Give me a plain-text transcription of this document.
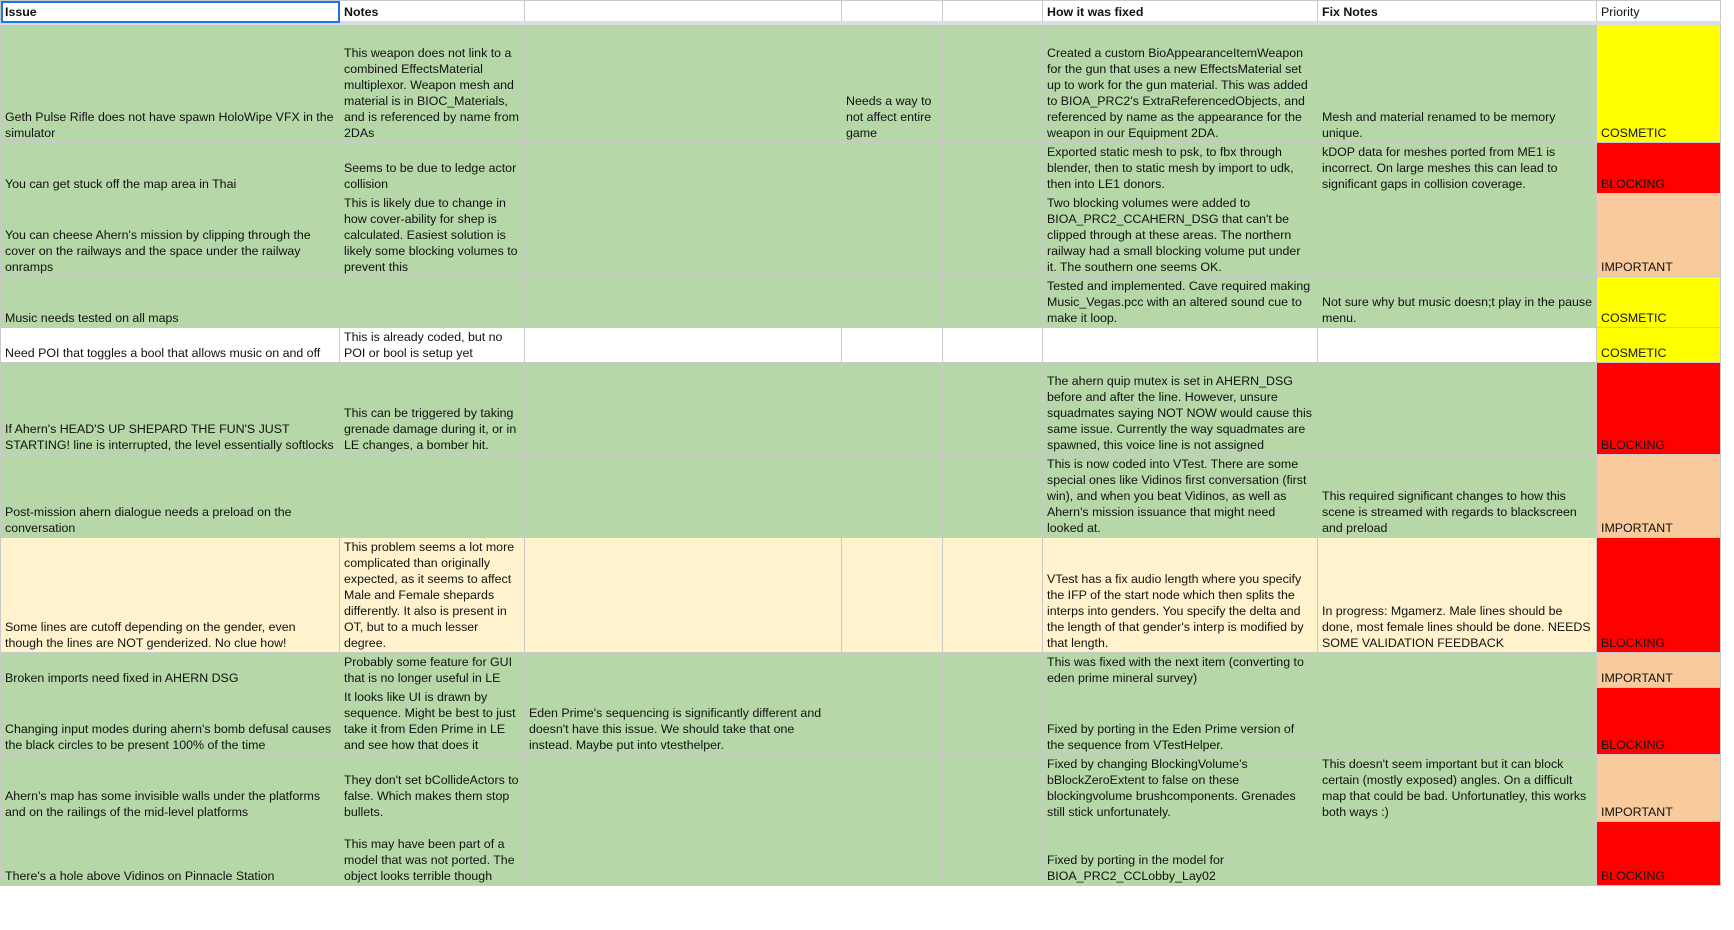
Issue	Notes				How it was fixed	Fix Notes	Priority
Geth Pulse Rifle does not have spawn HoloWipe VFX in the simulator	This weapon does not link to a combined EffectsMaterial multiplexor. Weapon mesh and material is in BIOC_Materials, and is referenced by name from 2DAs		Needs a way to not affect entire game		Created a custom BioAppearanceItemWeapon for the gun that uses a new EffectsMaterial set up to work for the gun material. This was added to BIOA_PRC2's ExtraReferencedObjects, and referenced by name as the appearance for the weapon in our Equipment 2DA.	Mesh and material renamed to be memory unique.	COSMETIC
You can get stuck off the map area in Thai	Seems to be due to ledge actor collision				Exported static mesh to psk, to fbx through blender, then to static mesh by import to udk, then into LE1 donors.	kDOP data for meshes ported from ME1 is incorrect. On large meshes this can lead to significant gaps in collision coverage.	BLOCKING
You can cheese Ahern's mission by clipping through the cover on the railways and the space under the railway onramps	This is likely due to change in how cover-ability for shep is calculated. Easiest solution is likely some blocking volumes to prevent this				Two blocking volumes were added to BIOA_PRC2_CCAHERN_DSG that can't be clipped through at these areas. The northern railway had a small blocking volume put under it. The southern one seems OK.		IMPORTANT
Music needs tested on all maps					Tested and implemented. Cave required making Music_Vegas.pcc with an altered sound cue to make it loop.	Not sure why but music doesn;t play in the pause menu.	COSMETIC
Need POI that toggles a bool that allows music on and off	This is already coded, but no POI or bool is setup yet						COSMETIC
If Ahern's HEAD'S UP SHEPARD THE FUN'S JUST STARTING! line is interrupted, the level essentially softlocks	This can be triggered by taking grenade damage during it, or in LE changes, a bomber hit.				The ahern quip mutex is set in AHERN_DSG before and after the line. However, unsure squadmates saying NOT NOW would cause this same issue. Currently the way squadmates are spawned, this voice line is not assigned		BLOCKING
Post-mission ahern dialogue needs a preload on the conversation					This is now coded into VTest. There are some special ones like Vidinos first conversation (first win), and when you beat Vidinos, as well as Ahern's mission issuance that might need looked at.	This required significant changes to how this scene is streamed with regards to blackscreen and preload	IMPORTANT
Some lines are cutoff depending on the gender, even though the lines are NOT genderized. No clue how!	This problem seems a lot more complicated than originally expected, as it seems to affect Male and Female shepards differently. It also is present in OT, but to a much lesser degree.				VTest has a fix audio length where you specify the IFP of the start node which then splits the interps into genders. You specify the delta and the length of that gender's interp is modified by that length.	In progress: Mgamerz. Male lines should be done, most female lines should be done. NEEDS SOME VALIDATION FEEDBACK	BLOCKING
Broken imports need fixed in AHERN DSG	Probably some feature for GUI that is no longer useful in LE				This was fixed with the next item (converting to eden prime mineral survey)		IMPORTANT
Changing input modes during ahern's bomb defusal causes the black circles to be present 100% of the time	It looks like UI is drawn by sequence. Might be best to just take it from Eden Prime in LE and see how that does it	Eden Prime's sequencing is significantly different and doesn't have this issue. We should take that one instead. Maybe put into vtesthelper.			Fixed by porting in the Eden Prime version of the sequence from VTestHelper.		BLOCKING
Ahern's map has some invisible walls under the platforms and on the railings of the mid-level platforms	They don't set bCollideActors to false. Which makes them stop bullets.				Fixed by changing BlockingVolume's bBlockZeroExtent to false on these blockingvolume brushcomponents. Grenades still stick unfortunately.	This doesn't seem important but it can block certain (mostly exposed) angles. On a difficult map that could be bad. Unfortunatley, this works both ways :)	IMPORTANT
There's a hole above Vidinos on Pinnacle Station	This may have been part of a model that was not ported. The object looks terrible though				Fixed by porting in the model for BIOA_PRC2_CCLobby_Lay02		BLOCKING
